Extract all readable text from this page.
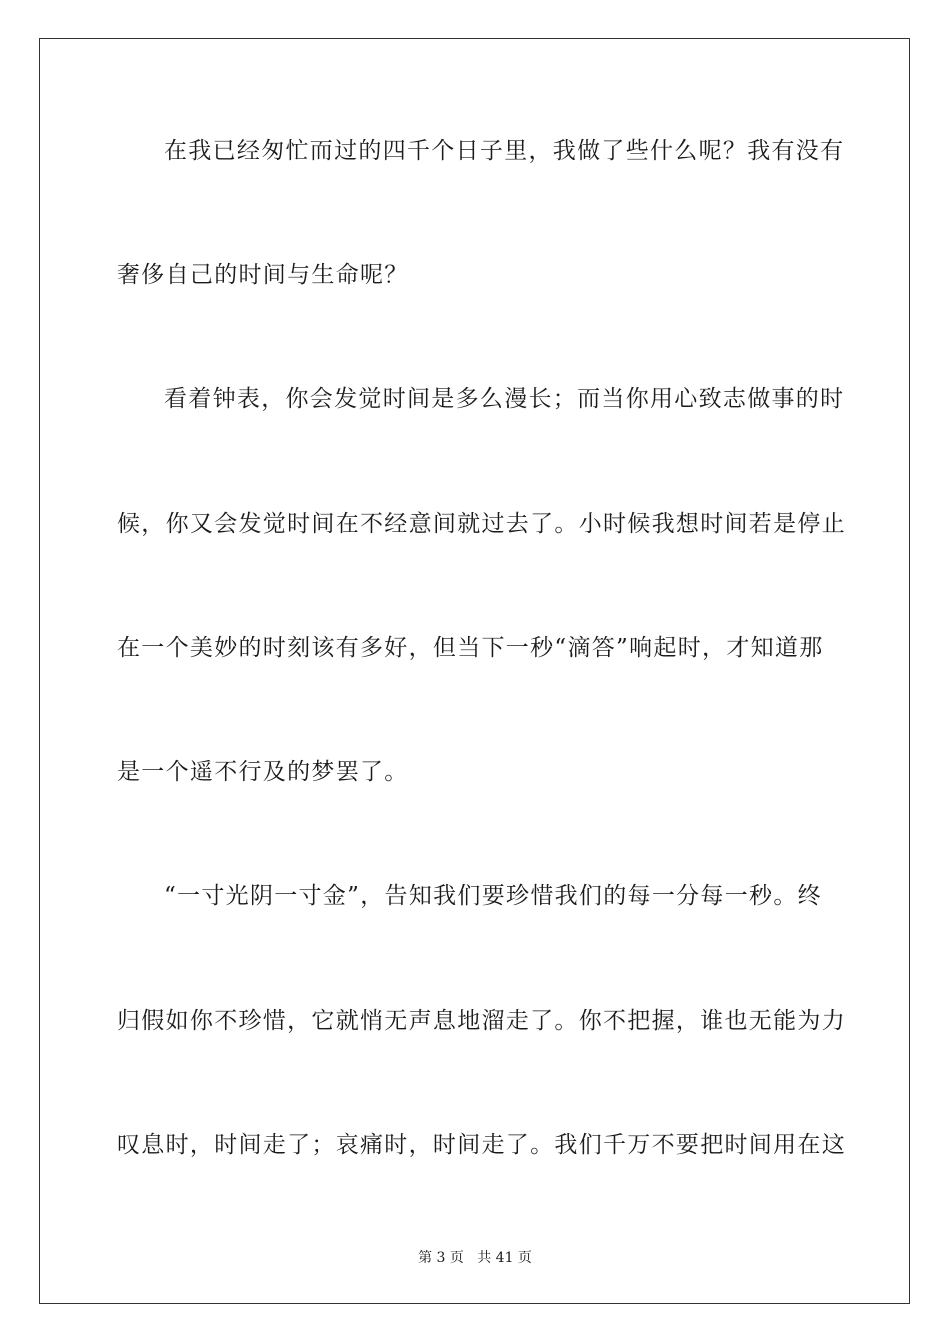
在我已经匆忙而过的四千个日子里，我做了些什么呢？我有没有
奢侈自己的时间与生命呢？
看着钟表，你会发觉时间是多么漫长；而当你用心致志做事的时
候，你又会发觉时间在不经意间就过去了。小时候我想时间若是停止
在一个美妙的时刻该有多好，但当下一秒“滴答”响起时，才知道那
是一个遥不行及的梦罢了。
“一寸光阴一寸金”，告知我们要珍惜我们的每一分每一秒。终
归假如你不珍惜，它就悄无声息地溜走了。你不把握，谁也无能为力
叹息时，时间走了；哀痛时，时间走了。我们千万不要把时间用在这
第 3 页   共 41 页
